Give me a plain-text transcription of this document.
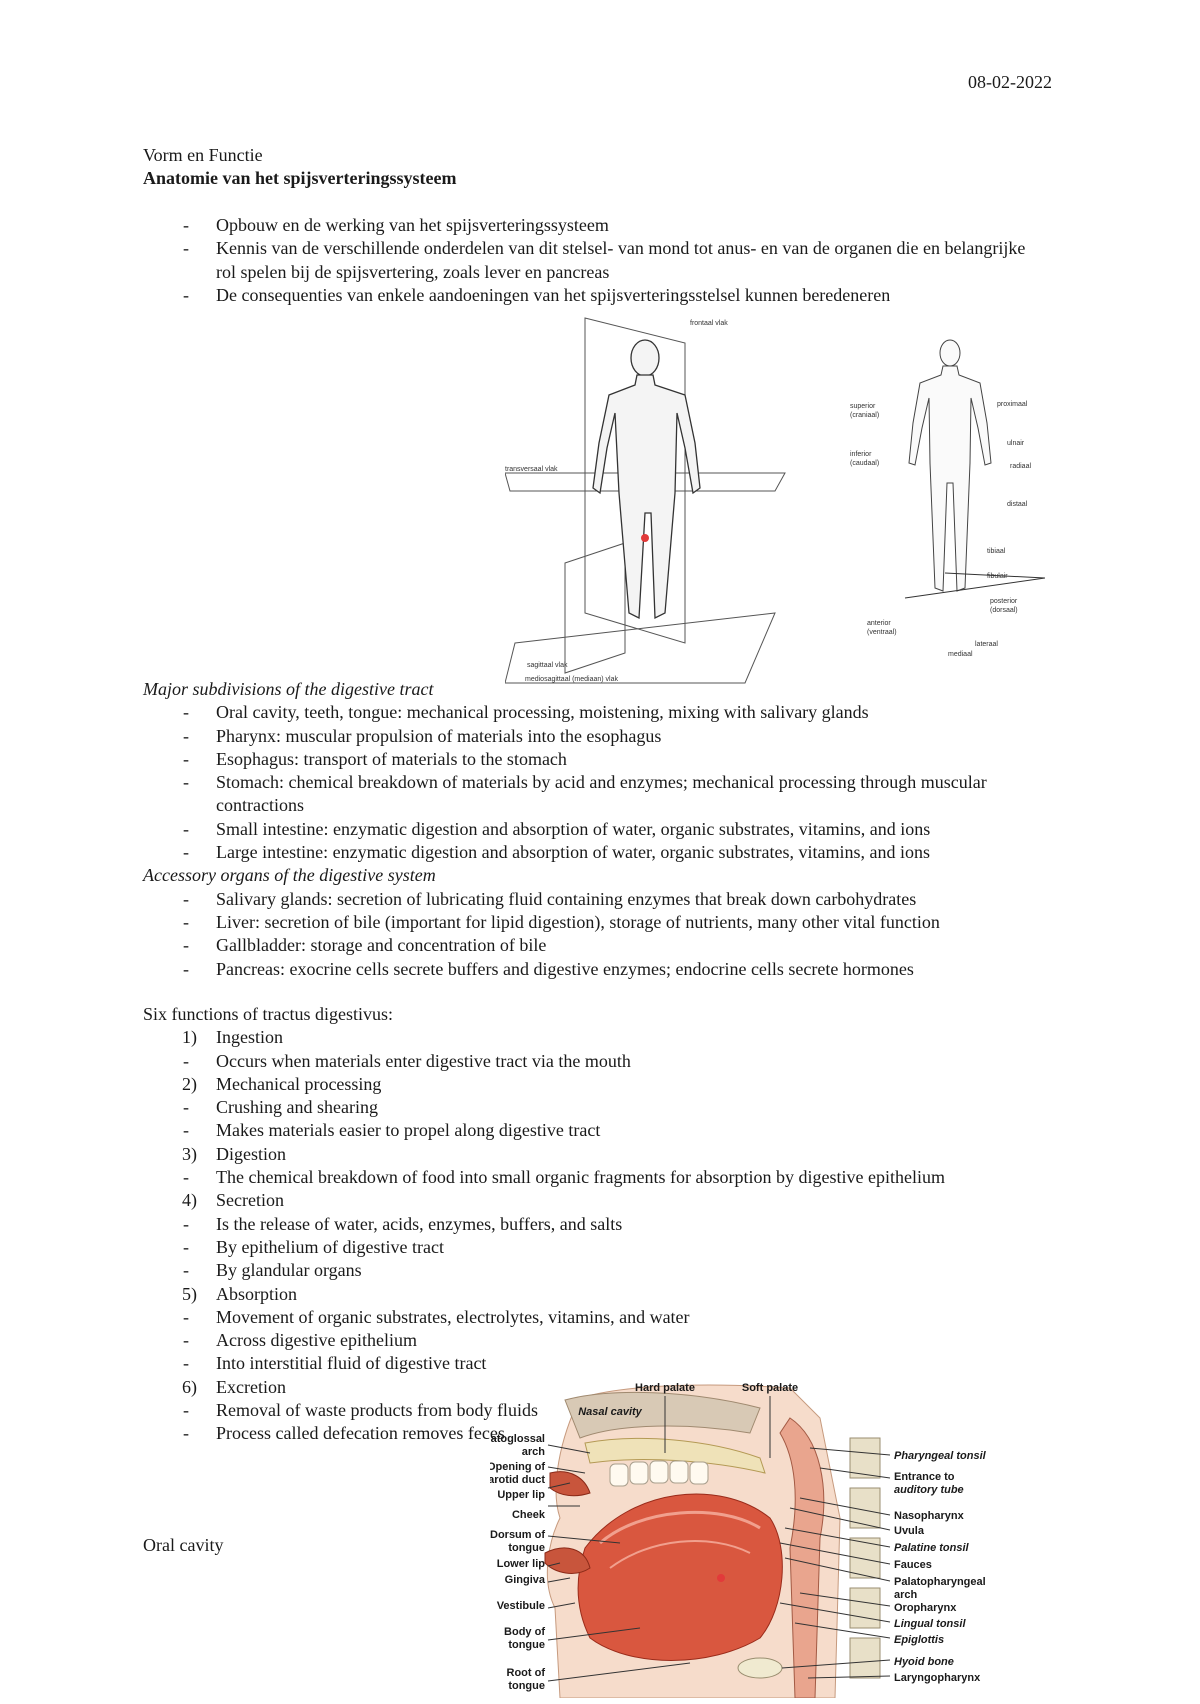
08-02-2022
Vorm en Functie
Anatomie van het spijsverteringssysteem
- Opbouw en de werking van het spijsverteringssysteem
- Kennis van de verschillende onderdelen van dit stelsel- van mond tot anus- en van de organen die en belangrijke rol spelen bij de spijsvertering, zoals lever en pancreas
- De consequenties van enkele aandoeningen van het spijsverteringsstelsel kunnen beredeneren
frontaal vlak
transversaal vlak
sagittaal vlak
mediosagittaal (mediaan) vlak
superior
(craniaal)
inferior
(caudaal)
proximaal
ulnair
radiaal
distaal
tibiaal
fibulair
posterior
(dorsaal)
anterior
(ventraal)
lateraal
mediaal
Major subdivisions of the digestive tract
- Oral cavity, teeth, tongue: mechanical processing, moistening, mixing with salivary glands
- Pharynx: muscular propulsion of materials into the esophagus
- Esophagus: transport of materials to the stomach
- Stomach: chemical breakdown of materials by acid and enzymes; mechanical processing through muscular contractions
- Small intestine: enzymatic digestion and absorption of water, organic substrates, vitamins, and ions
- Large intestine: enzymatic digestion and absorption of water, organic substrates, vitamins, and ions
Accessory organs of the digestive system
- Salivary glands: secretion of lubricating fluid containing enzymes that break down carbohydrates
- Liver: secretion of bile (important for lipid digestion), storage of nutrients, many other vital function
- Gallbladder: storage and concentration of bile
- Pancreas: exocrine cells secrete buffers and digestive enzymes; endocrine cells secrete hormones
Six functions of tractus digestivus:
1) Ingestion
- Occurs when materials enter digestive tract via the mouth
2) Mechanical processing
- Crushing and shearing
- Makes materials easier to propel along digestive tract
3) Digestion
- The chemical breakdown of food into small organic fragments for absorption by digestive epithelium
4) Secretion
- Is the release of water, acids, enzymes, buffers, and salts
- By epithelium of digestive tract
- By glandular organs
5) Absorption
- Movement of organic substrates, electrolytes, vitamins, and water
- Across digestive epithelium
- Into interstitial fluid of digestive tract
6) Excretion
- Removal of waste products from body fluids
- Process called defecation removes feces
Oral cavity
Hard palate	Soft palate
Nasal cavity
atoglossal
arch
Opening of
arotid duct
Upper lip
Cheek
Dorsum of
tongue
Lower lip
Gingiva
Vestibule
Body of
tongue
Root of
tongue
Pharyngeal tonsil
Entrance to
auditory tube
Nasopharynx
Uvula
Palatine tonsil
Fauces
Palatopharyngeal
arch
Oropharynx
Lingual tonsil
Epiglottis
Hyoid bone
Laryngopharynx
